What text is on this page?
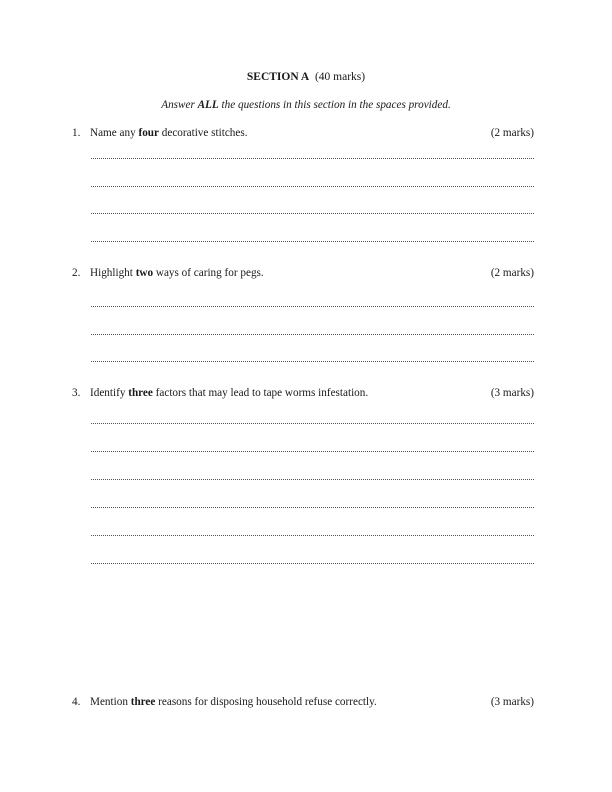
SECTION A (40 marks)
Answer ALL the questions in this section in the spaces provided.
1. Name any four decorative stitches.	(2 marks)
2. Highlight two ways of caring for pegs.	(2 marks)
3. Identify three factors that may lead to tape worms infestation.	(3 marks)
4. Mention three reasons for disposing household refuse correctly.	(3 marks)
